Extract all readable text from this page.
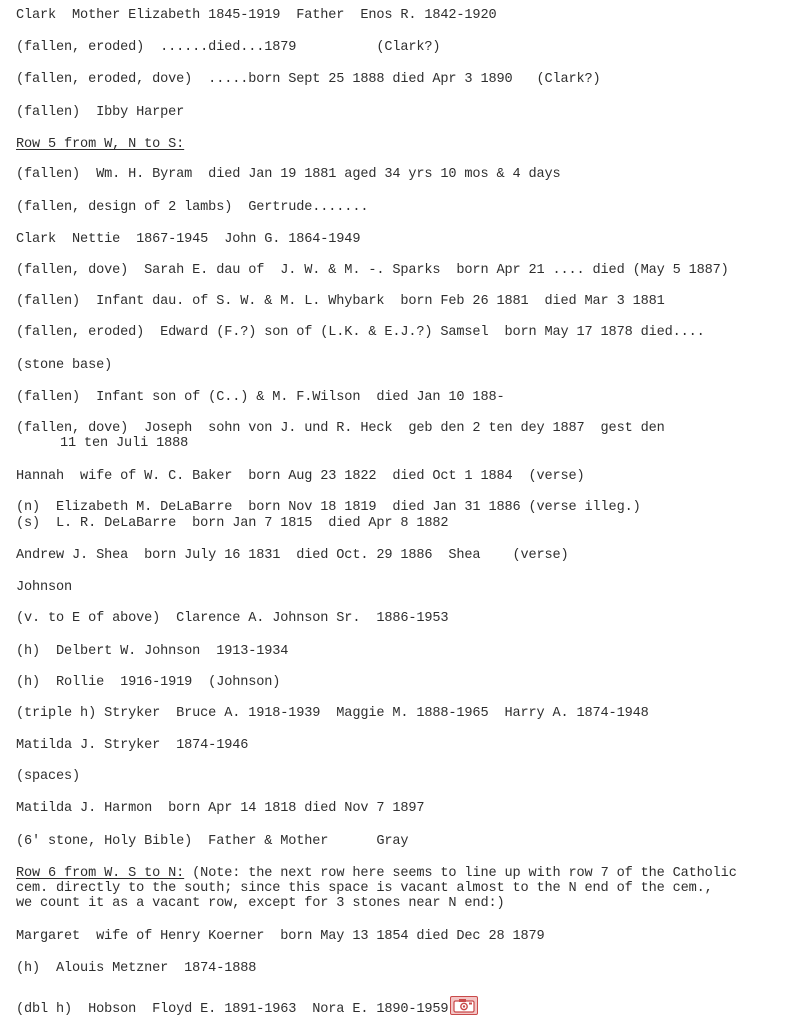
Clark  Mother Elizabeth 1845-1919  Father  Enos R. 1842-1920
(fallen, eroded)  ......died...1879          (Clark?)
(fallen, eroded, dove)  .....born Sept 25 1888 died Apr 3 1890   (Clark?)
(fallen)  Ibby Harper
Row 5 from W, N to S:
(fallen)  Wm. H. Byram  died Jan 19 1881 aged 34 yrs 10 mos & 4 days
(fallen, design of 2 lambs)  Gertrude.......
Clark  Nettie  1867-1945  John G. 1864-1949
(fallen, dove)  Sarah E. dau of  J. W. & M. -. Sparks  born Apr 21 .... died (May 5 1887)
(fallen)  Infant dau. of S. W. & M. L. Whybark  born Feb 26 1881  died Mar 3 1881
(fallen, eroded)  Edward (F.?) son of (L.K. & E.J.?) Samsel  born May 17 1878 died....
(stone base)
(fallen)  Infant son of (C..) & M. F.Wilson  died Jan 10 188-
(fallen, dove)  Joseph  sohn von J. und R. Heck  geb den 2 ten dey 1887  gest den
11 ten Juli 1888
Hannah  wife of W. C. Baker  born Aug 23 1822  died Oct 1 1884  (verse)
(n)  Elizabeth M. DeLaBarre  born Nov 18 1819  died Jan 31 1886 (verse illeg.)
(s)  L. R. DeLaBarre  born Jan 7 1815  died Apr 8 1882
Andrew J. Shea  born July 16 1831  died Oct. 29 1886  Shea    (verse)
Johnson
(v. to E of above)  Clarence A. Johnson Sr.  1886-1953
(h)  Delbert W. Johnson  1913-1934
(h)  Rollie  1916-1919  (Johnson)
(triple h) Stryker  Bruce A. 1918-1939  Maggie M. 1888-1965  Harry A. 1874-1948
Matilda J. Stryker  1874-1946
(spaces)
Matilda J. Harmon  born Apr 14 1818 died Nov 7 1897
(6' stone, Holy Bible)  Father & Mother      Gray
Row 6 from W. S to N: (Note: the next row here seems to line up with row 7 of the Catholic
cem. directly to the south; since this space is vacant almost to the N end of the cem.,
we count it as a vacant row, except for 3 stones near N end:)
Margaret  wife of Henry Koerner  born May 13 1854 died Dec 28 1879
(h)  Alouis Metzner  1874-1888
(dbl h)  Hobson  Floyd E. 1891-1963  Nora E. 1890-1959
